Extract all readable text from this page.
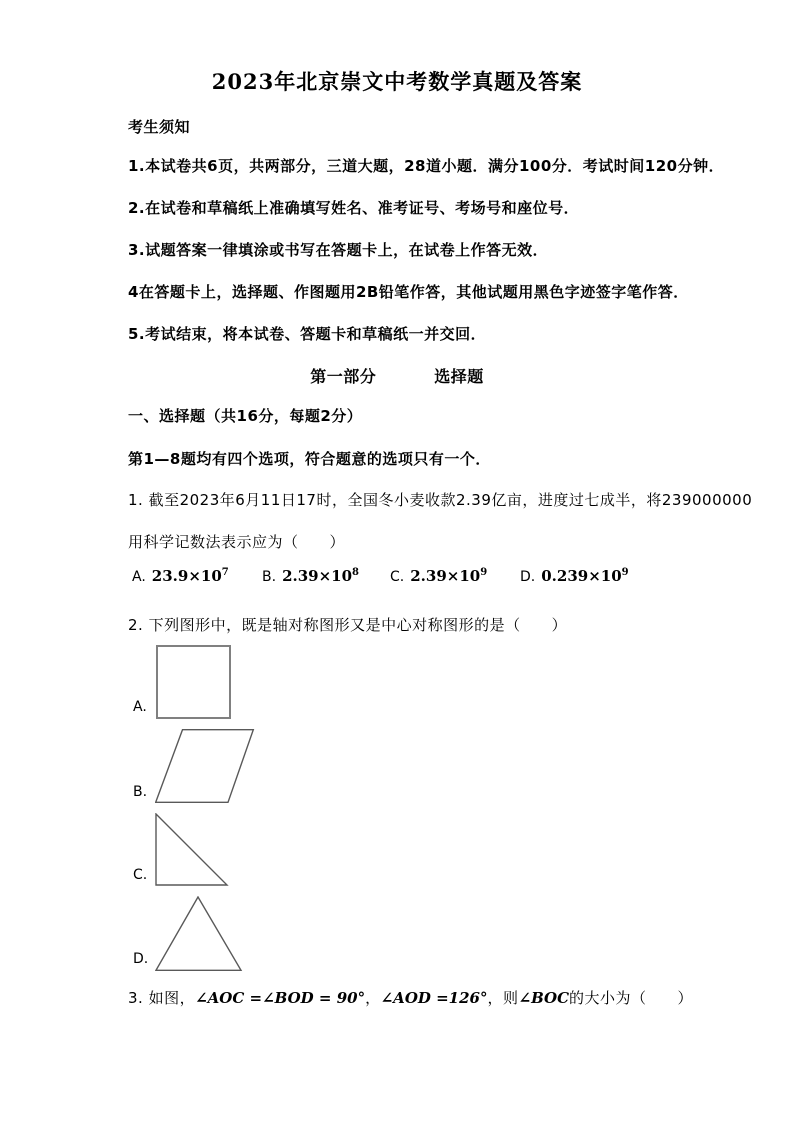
2023年北京崇文中考数学真题及答案
考生须知
1.本试卷共6页，共两部分，三道大题，28道小题．满分100分．考试时间120分钟．
2.在试卷和草稿纸上准确填写姓名、准考证号、考场号和座位号．
3.试题答案一律填涂或书写在答题卡上，在试卷上作答无效．
4在答题卡上，选择题、作图题用2B铅笔作答，其他试题用黑色字迹签字笔作答．
5.考试结束，将本试卷、答题卡和草稿纸一并交回．
第一部分	选择题
一、选择题（共16分，每题2分）
第1—8题均有四个选项，符合题意的选项只有一个．
1. 截至2023年6月11日17时，全国冬小麦收款2.39亿亩，进度过七成半，将239000000
用科学记数法表示应为（　　）
A. $23.9\times 10^7$ B. $2.39\times 10^8$ C. $2.39\times 10^9$ D. $0.239\times 10^9$
2. 下列图形中，既是轴对称图形又是中心对称图形的是（　　）
A.
B.
C.
D.
3. 如图，∠AOC =∠BOD = 90°，∠AOD =126°，则∠BOC的大小为（　　）
